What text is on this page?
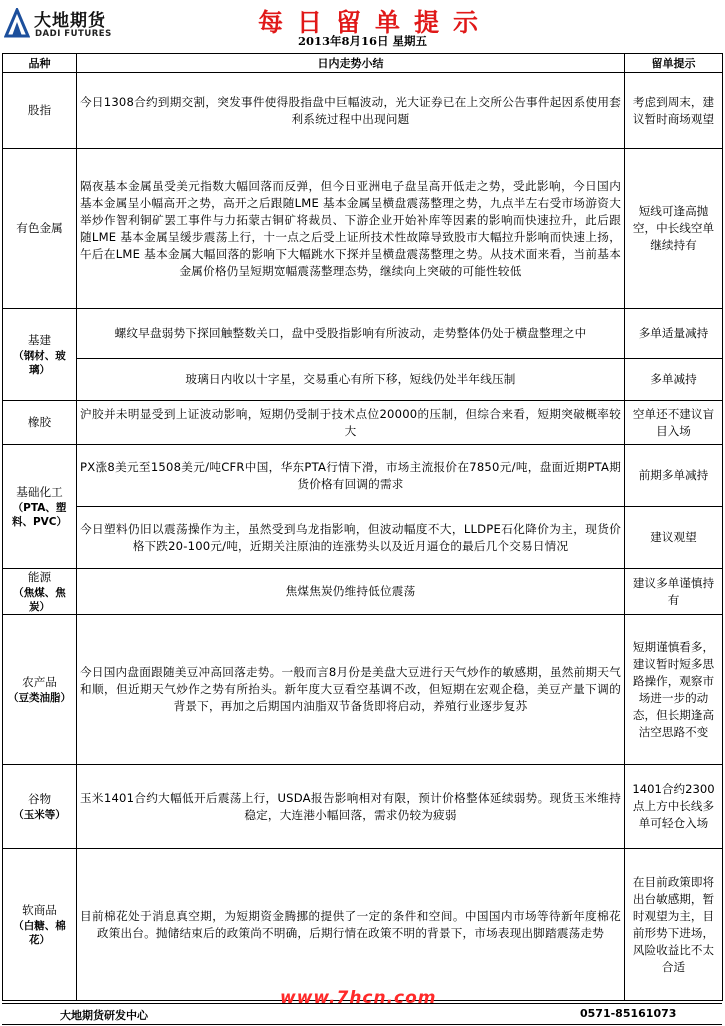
大地期货
DADI FUTURES	每日留单提示
2013年8月16日 星期五
品种	日内走势小结	留单提示
股指	今日1308合约到期交割，突发事件使得股指盘中巨幅波动，光大证券已在上交所公告事件起因系使用套利系统过程中出现问题	考虑到周末，建议暂时商场观望
有色金属	隔夜基本金属虽受美元指数大幅回落而反弹，但今日亚洲电子盘呈高开低走之势，受此影响，今日国内基本金属呈小幅高开之势，高开之后跟随LME 基本金属呈横盘震荡整理之势，九点半左右受市场游资大举炒作智利铜矿罢工事件与力拓蒙古铜矿将裁员、下游企业开始补库等因素的影响而快速拉升，此后跟随LME 基本金属呈缓步震荡上行，十一点之后受上证所技术性故障导致股市大幅拉升影响而快速上扬，午后在LME 基本金属大幅回落的影响下大幅跳水下探并呈横盘震荡整理之势。从技术面来看，当前基本金属价格仍呈短期宽幅震荡整理态势，继续向上突破的可能性较低	短线可逢高抛空，中长线空单继续持有
基建
（钢材、玻璃）	螺纹早盘弱势下探回触整数关口，盘中受股指影响有所波动，走势整体仍处于横盘整理之中	多单适量减持
	玻璃日内收以十字星，交易重心有所下移，短线仍处半年线压制	多单减持
橡胶	沪胶并未明显受到上证波动影响，短期仍受制于技术点位20000的压制，但综合来看，短期突破概率较大	空单还不建议盲目入场
基础化工
（PTA、塑料、PVC）	PX涨8美元至1508美元/吨CFR中国，华东PTA行情下滑，市场主流报价在7850元/吨，盘面近期PTA期货价格有回调的需求	前期多单减持
	今日塑料仍旧以震荡操作为主，虽然受到乌龙指影响，但波动幅度不大，LLDPE石化降价为主，现货价格下跌20-100元/吨，近期关注原油的连涨势头以及近月逼仓的最后几个交易日情况	建议观望
能源
（焦煤、焦炭）	焦煤焦炭仍维持低位震荡	建议多单谨慎持有
农产品
（豆类油脂）	今日国内盘面跟随美豆冲高回落走势。一般而言8月份是美盘大豆进行天气炒作的敏感期，虽然前期天气和顺，但近期天气炒作之势有所抬头。新年度大豆看空基调不改，但短期在宏观企稳，美豆产量下调的背景下，再加之后期国内油脂双节备货即将启动，养殖行业逐步复苏	短期谨慎看多，建议暂时短多思路操作，观察市场进一步的动态，但长期逢高沽空思路不变
谷物
（玉米等）	玉米1401合约大幅低开后震荡上行，USDA报告影响相对有限，预计价格整体延续弱势。现货玉米维持稳定，大连港小幅回落，需求仍较为疲弱	1401合约2300点上方中长线多单可轻仓入场
软商品
（白糖、棉花）	目前棉花处于消息真空期，为短期资金腾挪的提供了一定的条件和空间。中国国内市场等待新年度棉花政策出台。抛储结束后的政策尚不明确，后期行情在政策不明的背景下，市场表现出脚踏震荡走势	在目前政策即将出台敏感期，暂时观望为主，目前形势下进场，风险收益比不太合适
大地期货研发中心
www.7hcn.com
0571-85161073
